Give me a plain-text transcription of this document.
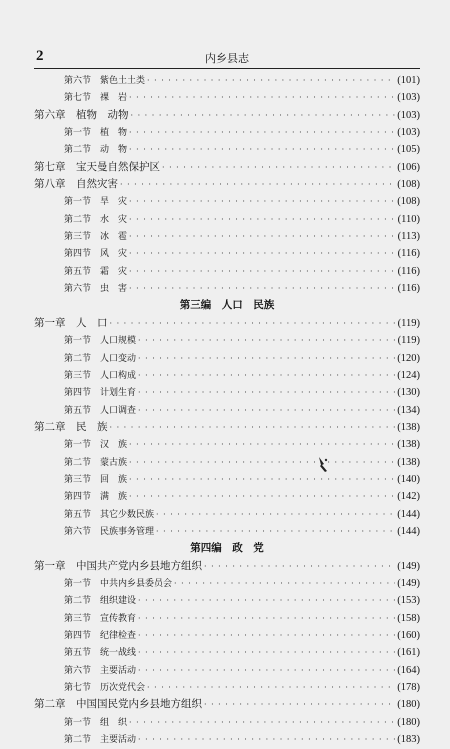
2	内乡县志
第六节　紫色土土类 · · ·	(101)
第七节　裸　岩 · · ·	(103)
第六章　植物　动物 · · ·	(103)
第一节　植　物 · · ·	(103)
第二节　动　物 · · ·	(105)
第七章　宝天曼自然保护区 · · ·	(106)
第八章　自然灾害 · · ·	(108)
第一节　旱　灾 · · ·	(108)
第二节　水　灾 · · ·	(110)
第三节　冰　雹 · · ·	(113)
第四节　风　灾 · · ·	(116)
第五节　霜　灾 · · ·	(116)
第六节　虫　害 · · ·	(116)
第三编　人口　民族
第一章　人　口 · · ·	(119)
第一节　人口规模 · · ·	(119)
第二节　人口变动 · · ·	(120)
第三节　人口构成 · · ·	(124)
第四节　计划生育 · · ·	(130)
第五节　人口调查 · · ·	(134)
第二章　民　族 · · ·	(138)
第一节　汉　族 · · ·	(138)
第二节　蒙古族 · · ·	(138)
第三节　回　族 · · ·	(140)
第四节　满　族 · · ·	(142)
第五节　其它少数民族 · · ·	(144)
第六节　民族事务管理 · · ·	(144)
第四编　政　党
第一章　中国共产党内乡县地方组织 · · ·	(149)
第一节　中共内乡县委员会 · · ·	(149)
第二节　组织建设 · · ·	(153)
第三节　宣传教育 · · ·	(158)
第四节　纪律检查 · · ·	(160)
第五节　统一战线 · · ·	(161)
第六节　主要活动 · · ·	(164)
第七节　历次党代会 · · ·	(178)
第二章　中国国民党内乡县地方组织 · · ·	(180)
第一节　组　织 · · ·	(180)
第二节　主要活动 · · ·	(183)
